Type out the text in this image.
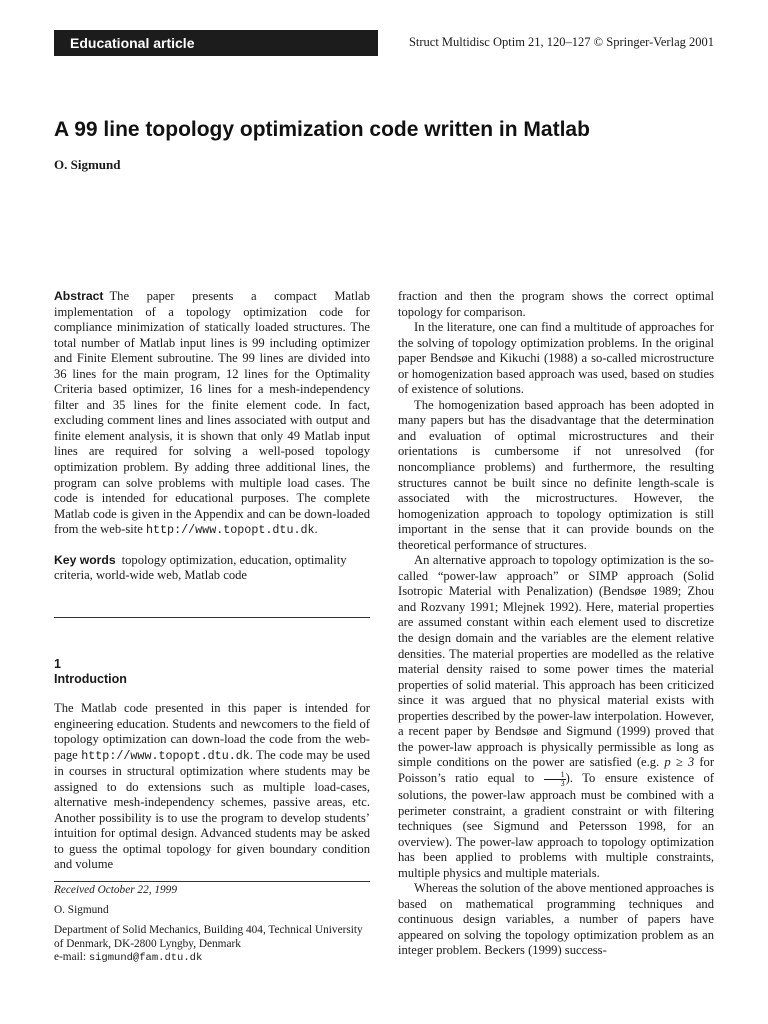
Educational article	Struct Multidisc Optim 21, 120–127 © Springer-Verlag 2001
A 99 line topology optimization code written in Matlab
O. Sigmund

Abstract The paper presents a compact Matlab implementation of a topology optimization code for compliance minimization of statically loaded structures. The total number of Matlab input lines is 99 including optimizer and Finite Element subroutine. The 99 lines are divided into 36 lines for the main program, 12 lines for the Optimality Criteria based optimizer, 16 lines for a mesh-independency filter and 35 lines for the finite element code. In fact, excluding comment lines and lines associated with output and finite element analysis, it is shown that only 49 Matlab input lines are required for solving a well-posed topology optimization problem. By adding three additional lines, the program can solve problems with multiple load cases. The code is intended for educational purposes. The complete Matlab code is given in the Appendix and can be down-loaded from the web-site http://www.topopt.dtu.dk.

Key words topology optimization, education, optimality criteria, world-wide web, Matlab code

1
Introduction

The Matlab code presented in this paper is intended for engineering education. Students and newcomers to the field of topology optimization can down-load the code from the web-page http://www.topopt.dtu.dk. The code may be used in courses in structural optimization where students may be assigned to do extensions such as multiple load-cases, alternative mesh-independency schemes, passive areas, etc. Another possibility is to use the program to develop students’ intuition for optimal design. Advanced students may be asked to guess the optimal topology for given boundary condition and volume

Received October 22, 1999
O. Sigmund
Department of Solid Mechanics, Building 404, Technical University of Denmark, DK-2800 Lyngby, Denmark
e-mail: sigmund@fam.dtu.dk

fraction and then the program shows the correct optimal topology for comparison.

In the literature, one can find a multitude of approaches for the solving of topology optimization problems. In the original paper Bendsøe and Kikuchi (1988) a so-called microstructure or homogenization based approach was used, based on studies of existence of solutions.

The homogenization based approach has been adopted in many papers but has the disadvantage that the determination and evaluation of optimal microstructures and their orientations is cumbersome if not unresolved (for noncompliance problems) and furthermore, the resulting structures cannot be built since no definite length-scale is associated with the microstructures. However, the homogenization approach to topology optimization is still important in the sense that it can provide bounds on the theoretical performance of structures.

An alternative approach to topology optimization is the so-called “power-law approach” or SIMP approach (Solid Isotropic Material with Penalization) (Bendsøe 1989; Zhou and Rozvany 1991; Mlejnek 1992). Here, material properties are assumed constant within each element used to discretize the design domain and the variables are the element relative densities. The material properties are modelled as the relative material density raised to some power times the material properties of solid material. This approach has been criticized since it was argued that no physical material exists with properties described by the power-law interpolation. However, a recent paper by Bendsøe and Sigmund (1999) proved that the power-law approach is physically permissible as long as simple conditions on the power are satisfied (e.g. p ≥ 3 for Poisson’s ratio equal to $\frac{1}{3}$ ). To ensure existence of solutions, the power-law approach must be combined with a perimeter constraint, a gradient constraint or with filtering techniques (see Sigmund and Petersson 1998, for an overview). The power-law approach to topology optimization has been applied to problems with multiple constraints, multiple physics and multiple materials.

Whereas the solution of the above mentioned approaches is based on mathematical programming techniques and continuous design variables, a number of papers have appeared on solving the topology optimization problem as an integer problem. Beckers (1999) success-
